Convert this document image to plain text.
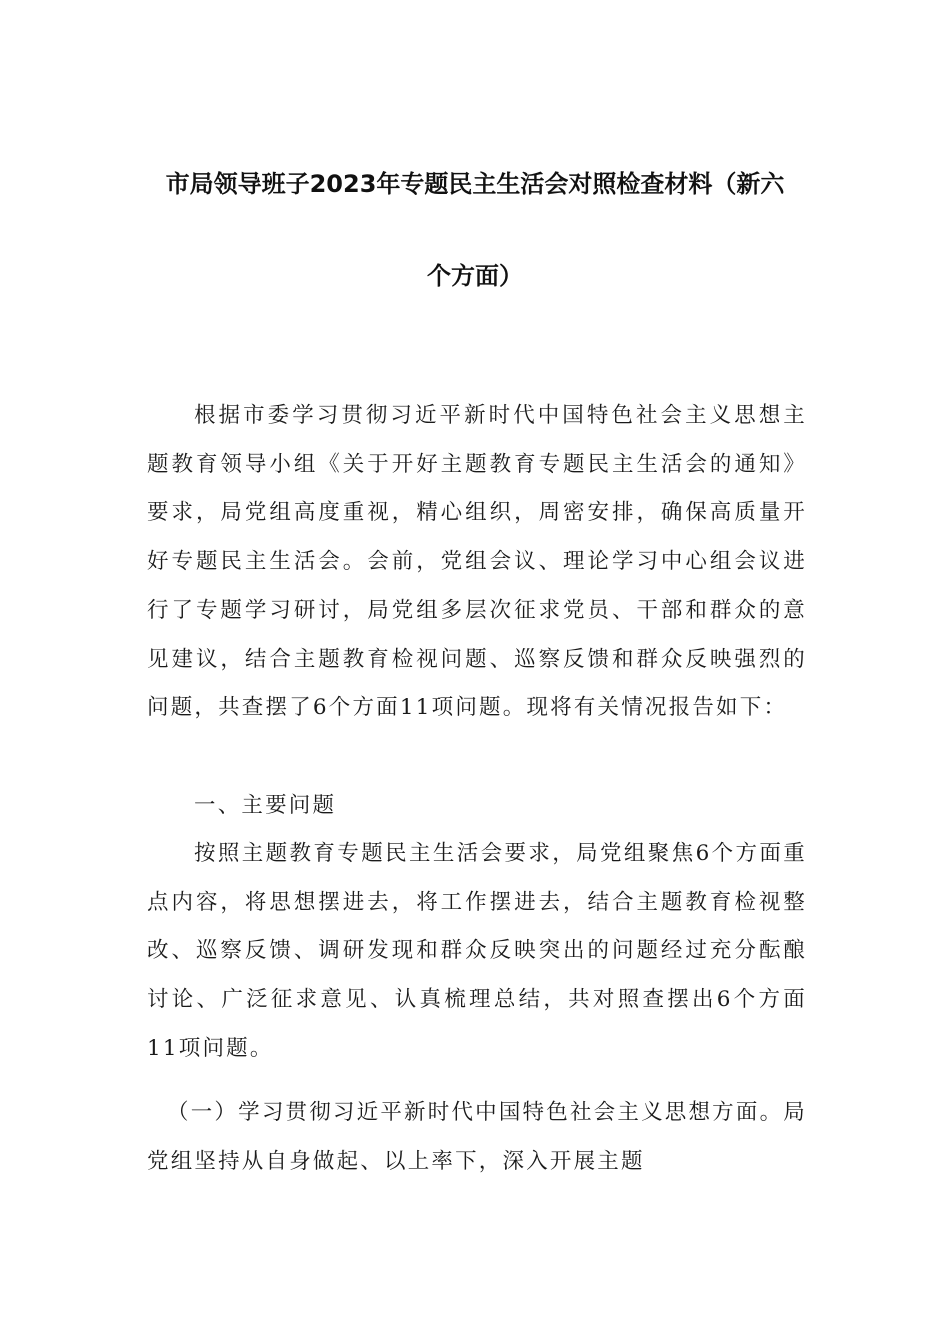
市局领导班子2023年专题民主生活会对照检查材料（新六
个方面）
根据市委学习贯彻习近平新时代中国特色社会主义思想主题教育领导小组《关于开好主题教育专题民主生活会的通知》要求，局党组高度重视，精心组织，周密安排，确保高质量开好专题民主生活会。会前，党组会议、理论学习中心组会议进行了专题学习研讨，局党组多层次征求党员、干部和群众的意见建议，结合主题教育检视问题、巡察反馈和群众反映强烈的问题，共查摆了6个方面11项问题。现将有关情况报告如下：
一、主要问题
按照主题教育专题民主生活会要求，局党组聚焦6个方面重点内容，将思想摆进去，将工作摆进去，结合主题教育检视整改、巡察反馈、调研发现和群众反映突出的问题经过充分酝酿讨论、广泛征求意见、认真梳理总结，共对照查摆出6个方面11项问题。
（一）学习贯彻习近平新时代中国特色社会主义思想方面。局党组坚持从自身做起、以上率下，深入开展主题
